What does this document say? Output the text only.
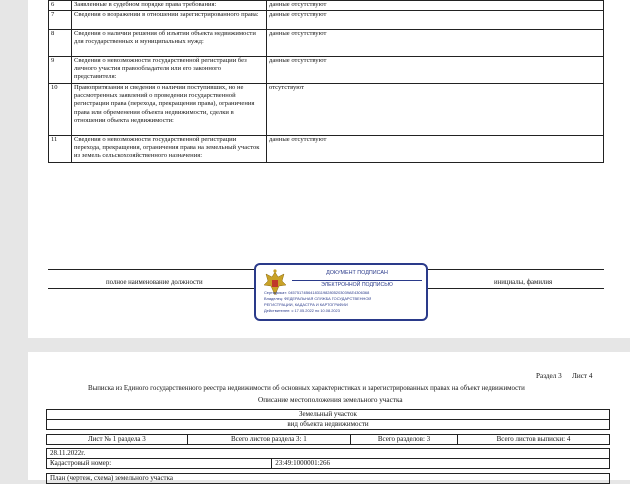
6	Заявленные в судебном порядке права требования:	данные отсутствуют
7	Сведения о возражении в отношении зарегистрированного права:	данные отсутствуют
8	Сведения о наличии решения об изъятии объекта недвижимости для государственных и муниципальных нужд:	данные отсутствуют
9	Сведения о невозможности государственной регистрации без личного участия правообладателя или его законного представителя:	данные отсутствуют
10	Правопритязания и сведения о наличии поступивших, но не рассмотренных заявлений о проведении государственной регистрации права (перехода, прекращения права), ограничения права или обременения объекта недвижимости, сделки в отношении объекта недвижимости:	отсутствуют
11	Сведения о невозможности государственной регистрации перехода, прекращения, ограничения права на земельный участок из земель сельскохозяйственного назначения:	данные отсутствуют
полное наименование должности	инициалы, фамилия
ДОКУМЕНТ ПОДПИСАН
ЭЛЕКТРОННОЙ ПОДПИСЬЮ
Сертификат: 04575174B6418311982805203039AE4306368
Владелец: ФЕДЕРАЛЬНАЯ СЛУЖБА ГОСУДАРСТВЕННОЙ
РЕГИСТРАЦИИ, КАДАСТРА И КАРТОГРАФИИ
Действителен: с 17.05.2022 по 10.08.2023
Раздел 3 Лист 4
Выписка из Единого государственного реестра недвижимости об основных характеристиках и зарегистрированных правах на объект недвижимости
Описание местоположения земельного участка
Земельный участок
вид объекта недвижимости
Лист № 1 раздела 3	Всего листов раздела 3: 1	Всего разделов: 3	Всего листов выписки: 4
28.11.2022г.
Кадастровый номер:	23:49:1000001:266
План (чертеж, схема) земельного участка
